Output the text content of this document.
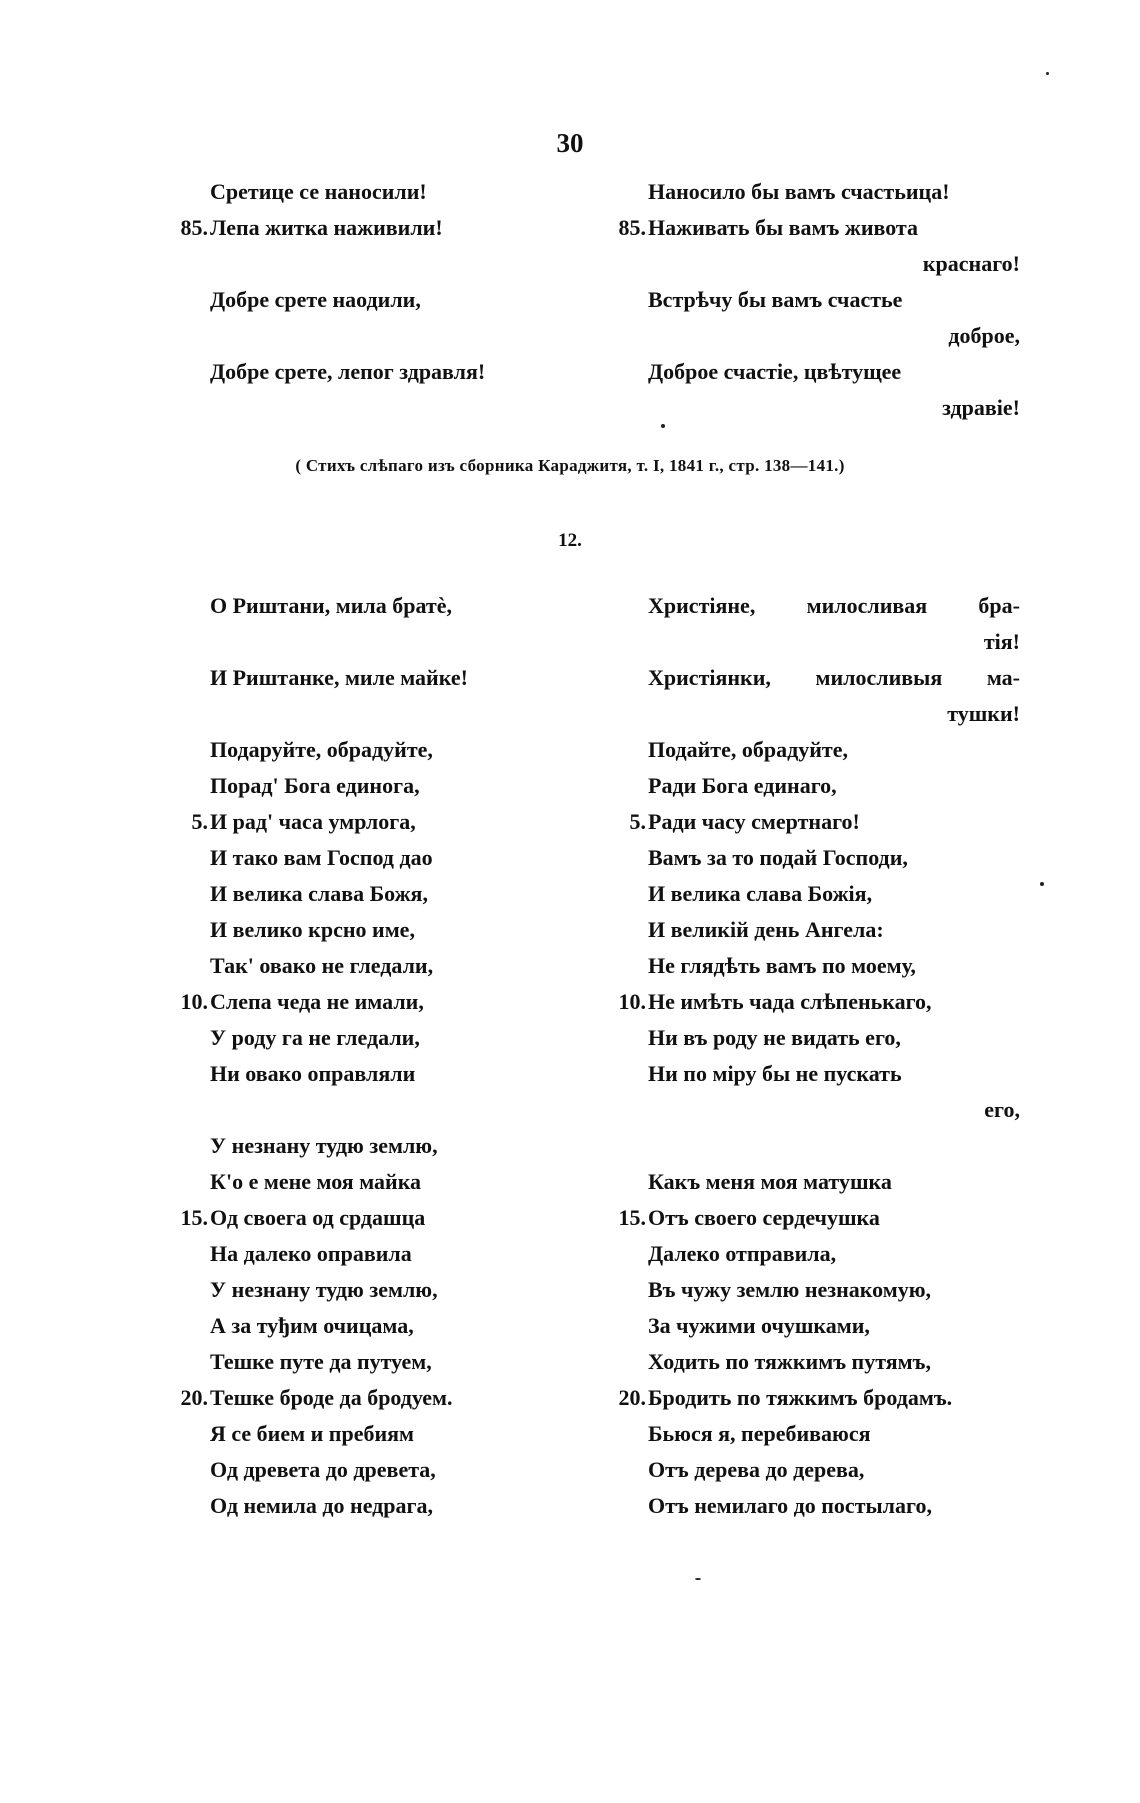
30
Сретице се наносили!
85. Лепа житка наживили!
Добре срете наодили,
Добре срете, лепог здравля!
Наносило бы вамъ счастьица!
85. Наживать бы вамъ живота
краснаго!
Встрѣчу бы вамъ счастье
доброе,
Доброе счастіе, цвѣтущее
здравіе!
( Стихъ слѣпаго изъ сборника Караджитя, т. I, 1841 г., стр. 138—141.)
12.
О Риштани, мила братѐ,
И Риштанке, миле майке!
Подаруйте, обрадуйте,
Порад' Бога единога,
5. И рад' часа умрлога,
И тако вам Господ дао
И велика слава Божя,
И велико крсно име,
Так' овако не гледали,
10. Слепа чеда не имали,
У роду га не гледали,
Ни овако оправляли
У незнану тудю землю,
К'о е мене моя майка
15. Од своега од срдашца
На далеко оправила
У незнану тудю землю,
А за туђим очицама,
Тешке путе да путуем,
20. Тешке броде да бродуем.
Я се бием и пребиям
Од древета до древета,
Од немила до недрага,
Христіяне, милосливая бра-
тія!
Христіянки, милосливыя ма-
тушки!
Подайте, обрадуйте,
Ради Бога единаго,
5. Ради часу смертнаго!
Вамъ за то подай Господи,
И велика слава Божія,
И великій день Ангела:
Не глядѣть вамъ по моему,
10. Не имѣть чада слѣпенькаго,
Ни въ роду не видать его,
Ни по міру бы не пускать
его,
Какъ меня моя матушка
15. Отъ своего сердечушка
Далеко отправила,
Въ чужу землю незнакомую,
За чужими очушками,
Ходить по тяжкимъ путямъ,
20. Бродить по тяжкимъ бродамъ.
Бьюся я, перебиваюся
Отъ дерева до дерева,
Отъ немилаго до постылаго,
